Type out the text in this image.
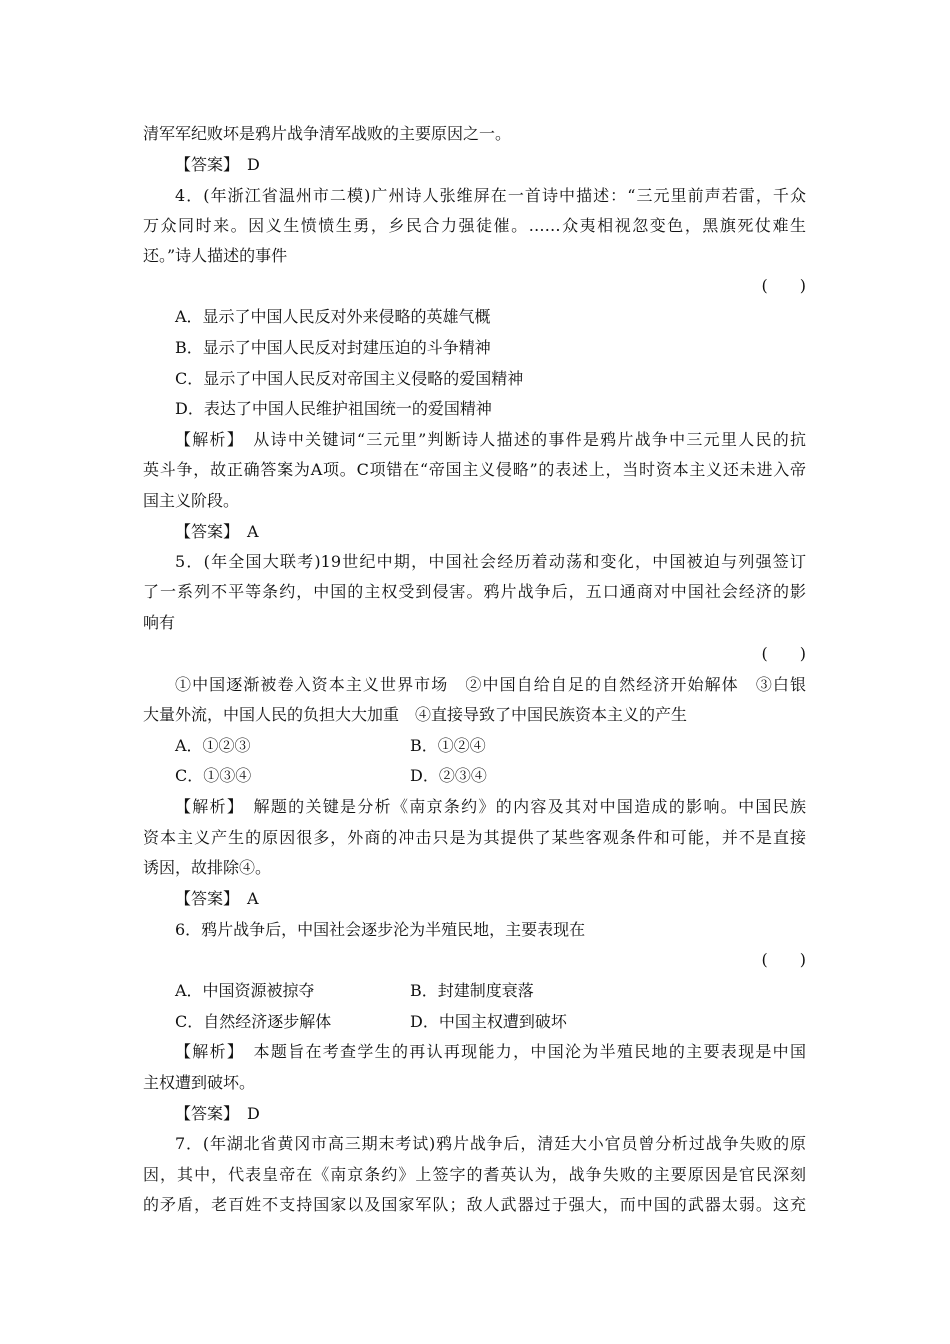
清军军纪败坏是鸦片战争清军战败的主要原因之一。
【答案】　D
4．(年浙江省温州市二模)广州诗人张维屏在一首诗中描述：“三元里前声若雷，千众
万众同时来。因义生愤愤生勇，乡民合力强徒催。……众夷相视忽变色，黑旗死仗难生
还。”诗人描述的事件
(　　)
A．显示了中国人民反对外来侵略的英雄气概
B．显示了中国人民反对封建压迫的斗争精神
C．显示了中国人民反对帝国主义侵略的爱国精神
D．表达了中国人民维护祖国统一的爱国精神
【解析】　从诗中关键词“三元里”判断诗人描述的事件是鸦片战争中三元里人民的抗
英斗争，故正确答案为A项。C项错在“帝国主义侵略”的表述上，当时资本主义还未进入帝
国主义阶段。
【答案】　A
5．(年全国大联考)19世纪中期，中国社会经历着动荡和变化，中国被迫与列强签订
了一系列不平等条约，中国的主权受到侵害。鸦片战争后，五口通商对中国社会经济的影
响有
(　　)
①中国逐渐被卷入资本主义世界市场　②中国自给自足的自然经济开始解体　③白银
大量外流，中国人民的负担大大加重　④直接导致了中国民族资本主义的产生
A．①②③	B．①②④
C．①③④	D．②③④
【解析】　解题的关键是分析《南京条约》的内容及其对中国造成的影响。中国民族
资本主义产生的原因很多，外商的冲击只是为其提供了某些客观条件和可能，并不是直接
诱因，故排除④。
【答案】　A
6．鸦片战争后，中国社会逐步沦为半殖民地，主要表现在
(　　)
A．中国资源被掠夺	B．封建制度衰落
C．自然经济逐步解体	D．中国主权遭到破坏
【解析】　本题旨在考查学生的再认再现能力，中国沦为半殖民地的主要表现是中国
主权遭到破坏。
【答案】　D
7．(年湖北省黄冈市高三期末考试)鸦片战争后，清廷大小官员曾分析过战争失败的原
因，其中，代表皇帝在《南京条约》上签字的耆英认为，战争失败的主要原因是官民深刻
的矛盾，老百姓不支持国家以及国家军队；敌人武器过于强大，而中国的武器太弱。这充
